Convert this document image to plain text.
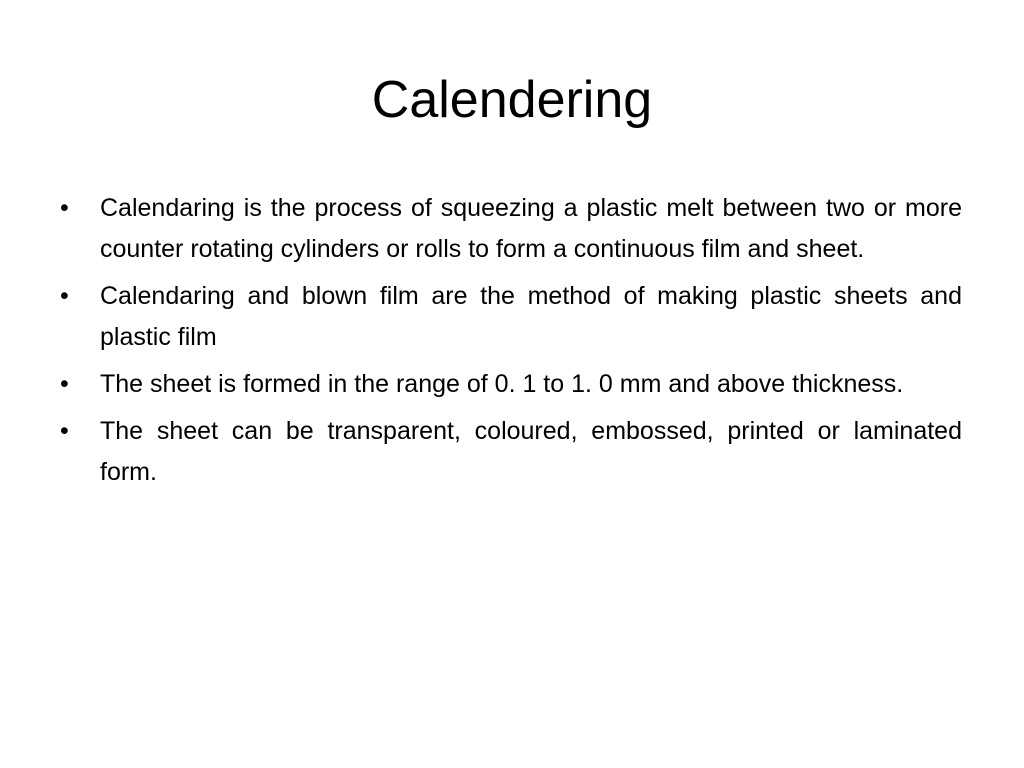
Calendering
• Calendaring is the process of squeezing a plastic melt between two or more counter rotating cylinders or rolls to form a continuous film and sheet.
• Calendaring and blown film are the method of making plastic sheets and plastic film
• The sheet is formed in the range of 0. 1 to 1. 0 mm and above thickness.
• The sheet can be transparent, coloured, embossed, printed or laminated form.
